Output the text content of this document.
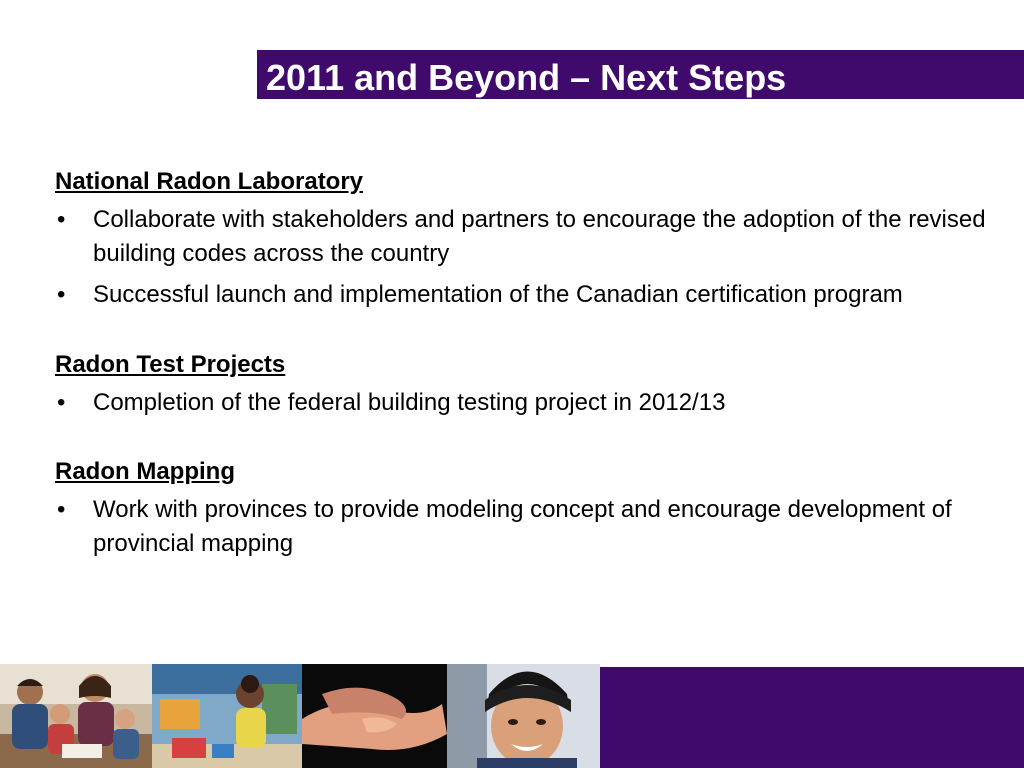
2011 and Beyond – Next Steps

National Radon Laboratory

• Collaborate with stakeholders and partners to encourage the adoption of the revised building codes across the country
• Successful launch and implementation of the Canadian certification program

Radon Test Projects

• Completion of the federal building testing project in 2012/13

Radon Mapping

• Work with provinces to provide modeling concept and encourage development of provincial mapping
